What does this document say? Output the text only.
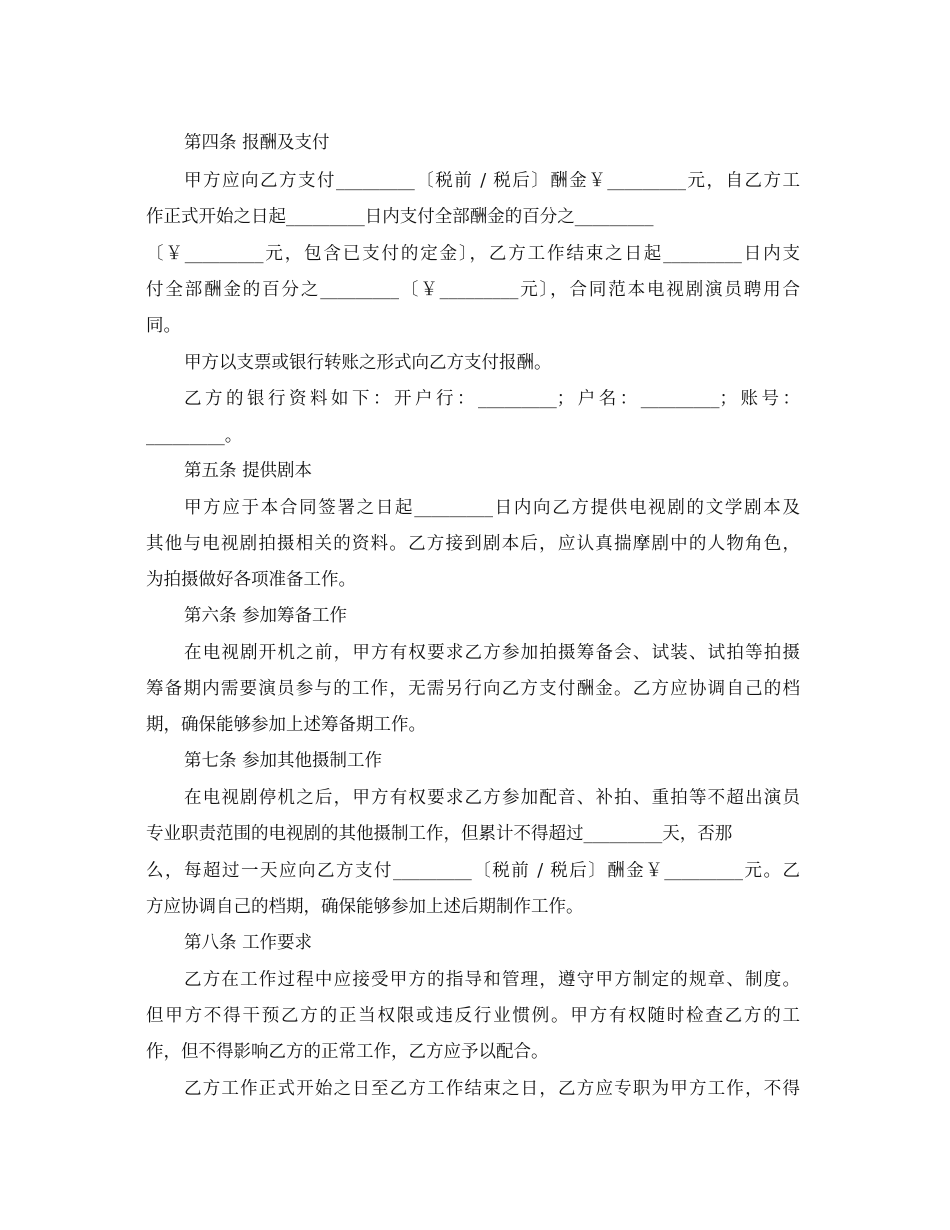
第四条 报酬及支付
甲方应向乙方支付_________〔税前 / 税后〕酬金￥_________元，自乙方工
作正式开始之日起_________日内支付全部酬金的百分之_________
〔￥_________元，包含已支付的定金〕，乙方工作结束之日起_________日内支
付全部酬金的百分之_________〔￥_________元〕，合同范本电视剧演员聘用合
同。
甲方以支票或银行转账之形式向乙方支付报酬。
乙方的银行资料如下：开户行：_________；户名：_________；账号：
_________。
第五条 提供剧本
甲方应于本合同签署之日起_________日内向乙方提供电视剧的文学剧本及
其他与电视剧拍摄相关的资料。乙方接到剧本后，应认真揣摩剧中的人物角色，
为拍摄做好各项准备工作。
第六条 参加筹备工作
在电视剧开机之前，甲方有权要求乙方参加拍摄筹备会、试装、试拍等拍摄
筹备期内需要演员参与的工作，无需另行向乙方支付酬金。乙方应协调自己的档
期，确保能够参加上述筹备期工作。
第七条 参加其他摄制工作
在电视剧停机之后，甲方有权要求乙方参加配音、补拍、重拍等不超出演员
专业职责范围的电视剧的其他摄制工作，但累计不得超过_________天，否那
么，每超过一天应向乙方支付_________〔税前 / 税后〕酬金￥_________元。乙
方应协调自己的档期，确保能够参加上述后期制作工作。
第八条 工作要求
乙方在工作过程中应接受甲方的指导和管理，遵守甲方制定的规章、制度。
但甲方不得干预乙方的正当权限或违反行业惯例。甲方有权随时检查乙方的工
作，但不得影响乙方的正常工作，乙方应予以配合。
乙方工作正式开始之日至乙方工作结束之日，乙方应专职为甲方工作，不得
